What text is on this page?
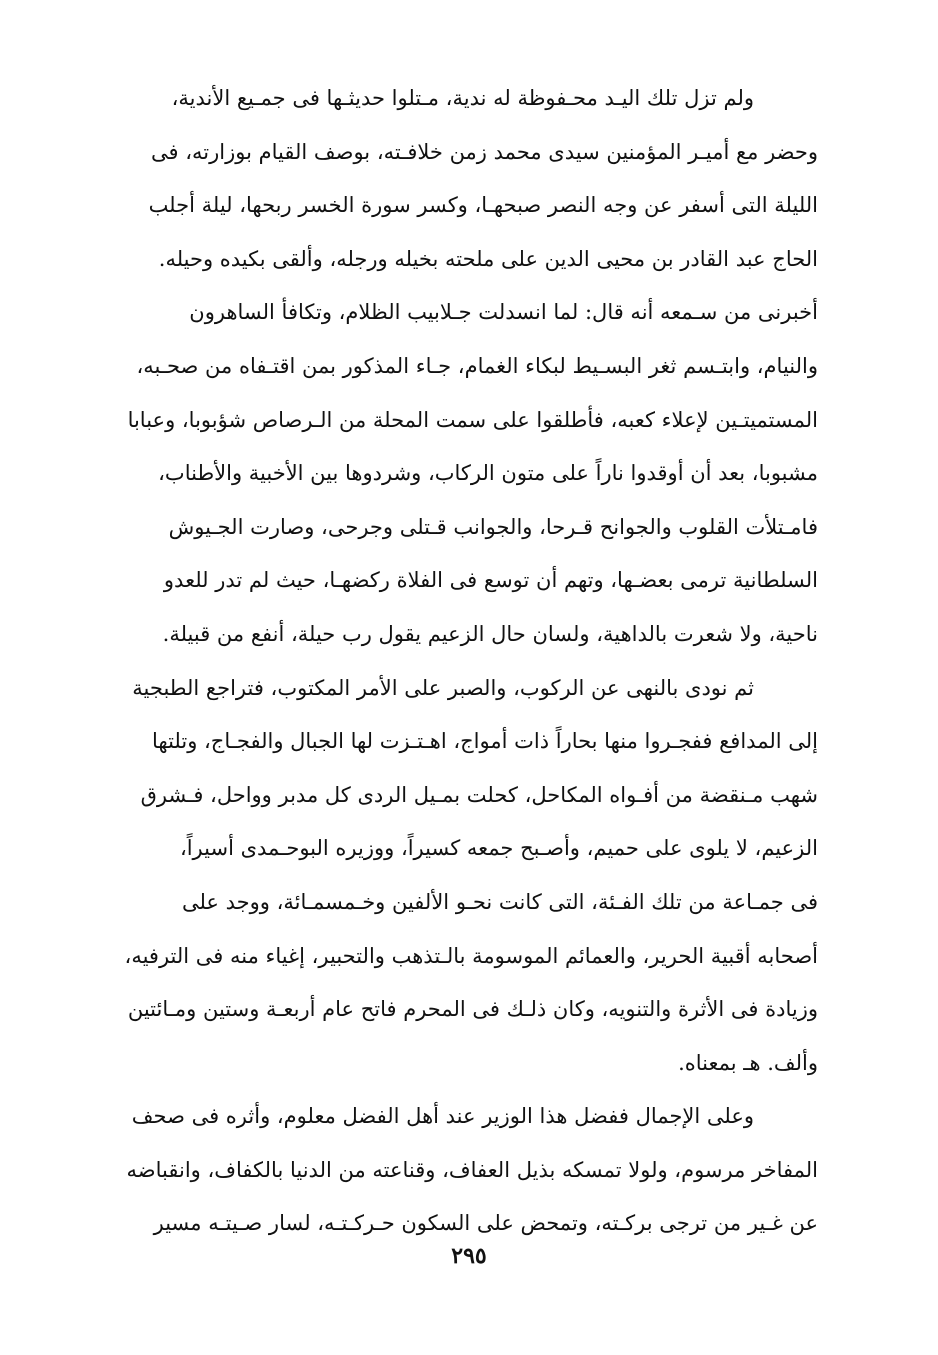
ولم تزل تلك اليـد محـفوظة له ندية، مـتلوا حديثـها فى جمـيع الأندية،
وحضر مع أميـر المؤمنين سيدى محمد زمن خلافـته، بوصف القيام بوزارته، فى
الليلة التى أسفر عن وجه النصر صبحهـا، وكسر سورة الخسر ربحها، ليلة أجلب
الحاج عبد القادر بن محيى الدين على ملحته بخيله ورجله، وألقى بكيده وحيله.
أخبرنى من سـمعه أنه قال: لما انسدلت جـلابيب الظلام، وتكافأ الساهرون
والنيام، وابتـسم ثغر البسـيط لبكاء الغمام، جـاء المذكور بمن اقتـفاه من صحـبه،
المستميتـين لإعلاء كعبه، فأطلقوا على سمت المحلة من الـرصاص شؤبوبا، وعبابا
مشبوبا، بعد أن أوقدوا ناراً على متون الركاب، وشردوها بين الأخبية والأطناب،
فامـتلأت القلوب والجوانح قـرحا، والجوانب قـتلى وجرحى، وصارت الجـيوش
السلطانية ترمى بعضـها، وتهم أن توسع فى الفلاة ركضهـا، حيث لم تدر للعدو
ناحية، ولا شعرت بالداهية، ولسان حال الزعيم يقول رب حيلة، أنفع من قبيلة.
ثم نودى بالنهى عن الركوب، والصبر على الأمر المكتوب، فتراجع الطبجية
إلى المدافع ففجـروا منها بحاراً ذات أمواج، اهـتـزت لها الجبال والفجـاج، وتلتها
شهب مـنقضة من أفـواه المكاحل، كحلت بمـيل الردى كل مدبر وواحل، فـشرق
الزعيم، لا يلوى على حميم، وأصـبح جمعه كسيراً، ووزيره البوحـمدى أسيراً،
فى جمـاعة من تلك الفـئة، التى كانت نحـو الألفين وخـمسمـائة، ووجد على
أصحابه أقبية الحرير، والعمائم الموسومة بالـتذهب والتحبير، إغياء منه فى الترفيه،
وزيادة فى الأثرة والتنويه، وكان ذلـك فى المحرم فاتح عام أربعـة وستين ومـائتين
وألف. هـ بمعناه.
وعلى الإجمال ففضل هذا الوزير عند أهل الفضل معلوم، وأثره فى صحف
المفاخر مرسوم، ولولا تمسكه بذيل العفاف، وقناعته من الدنيا بالكفاف، وانقباضه
عن غـير من ترجى بركـته، وتمحض على السكون حـركـتـه، لسار صـيتـه مسير
٢٩٥
